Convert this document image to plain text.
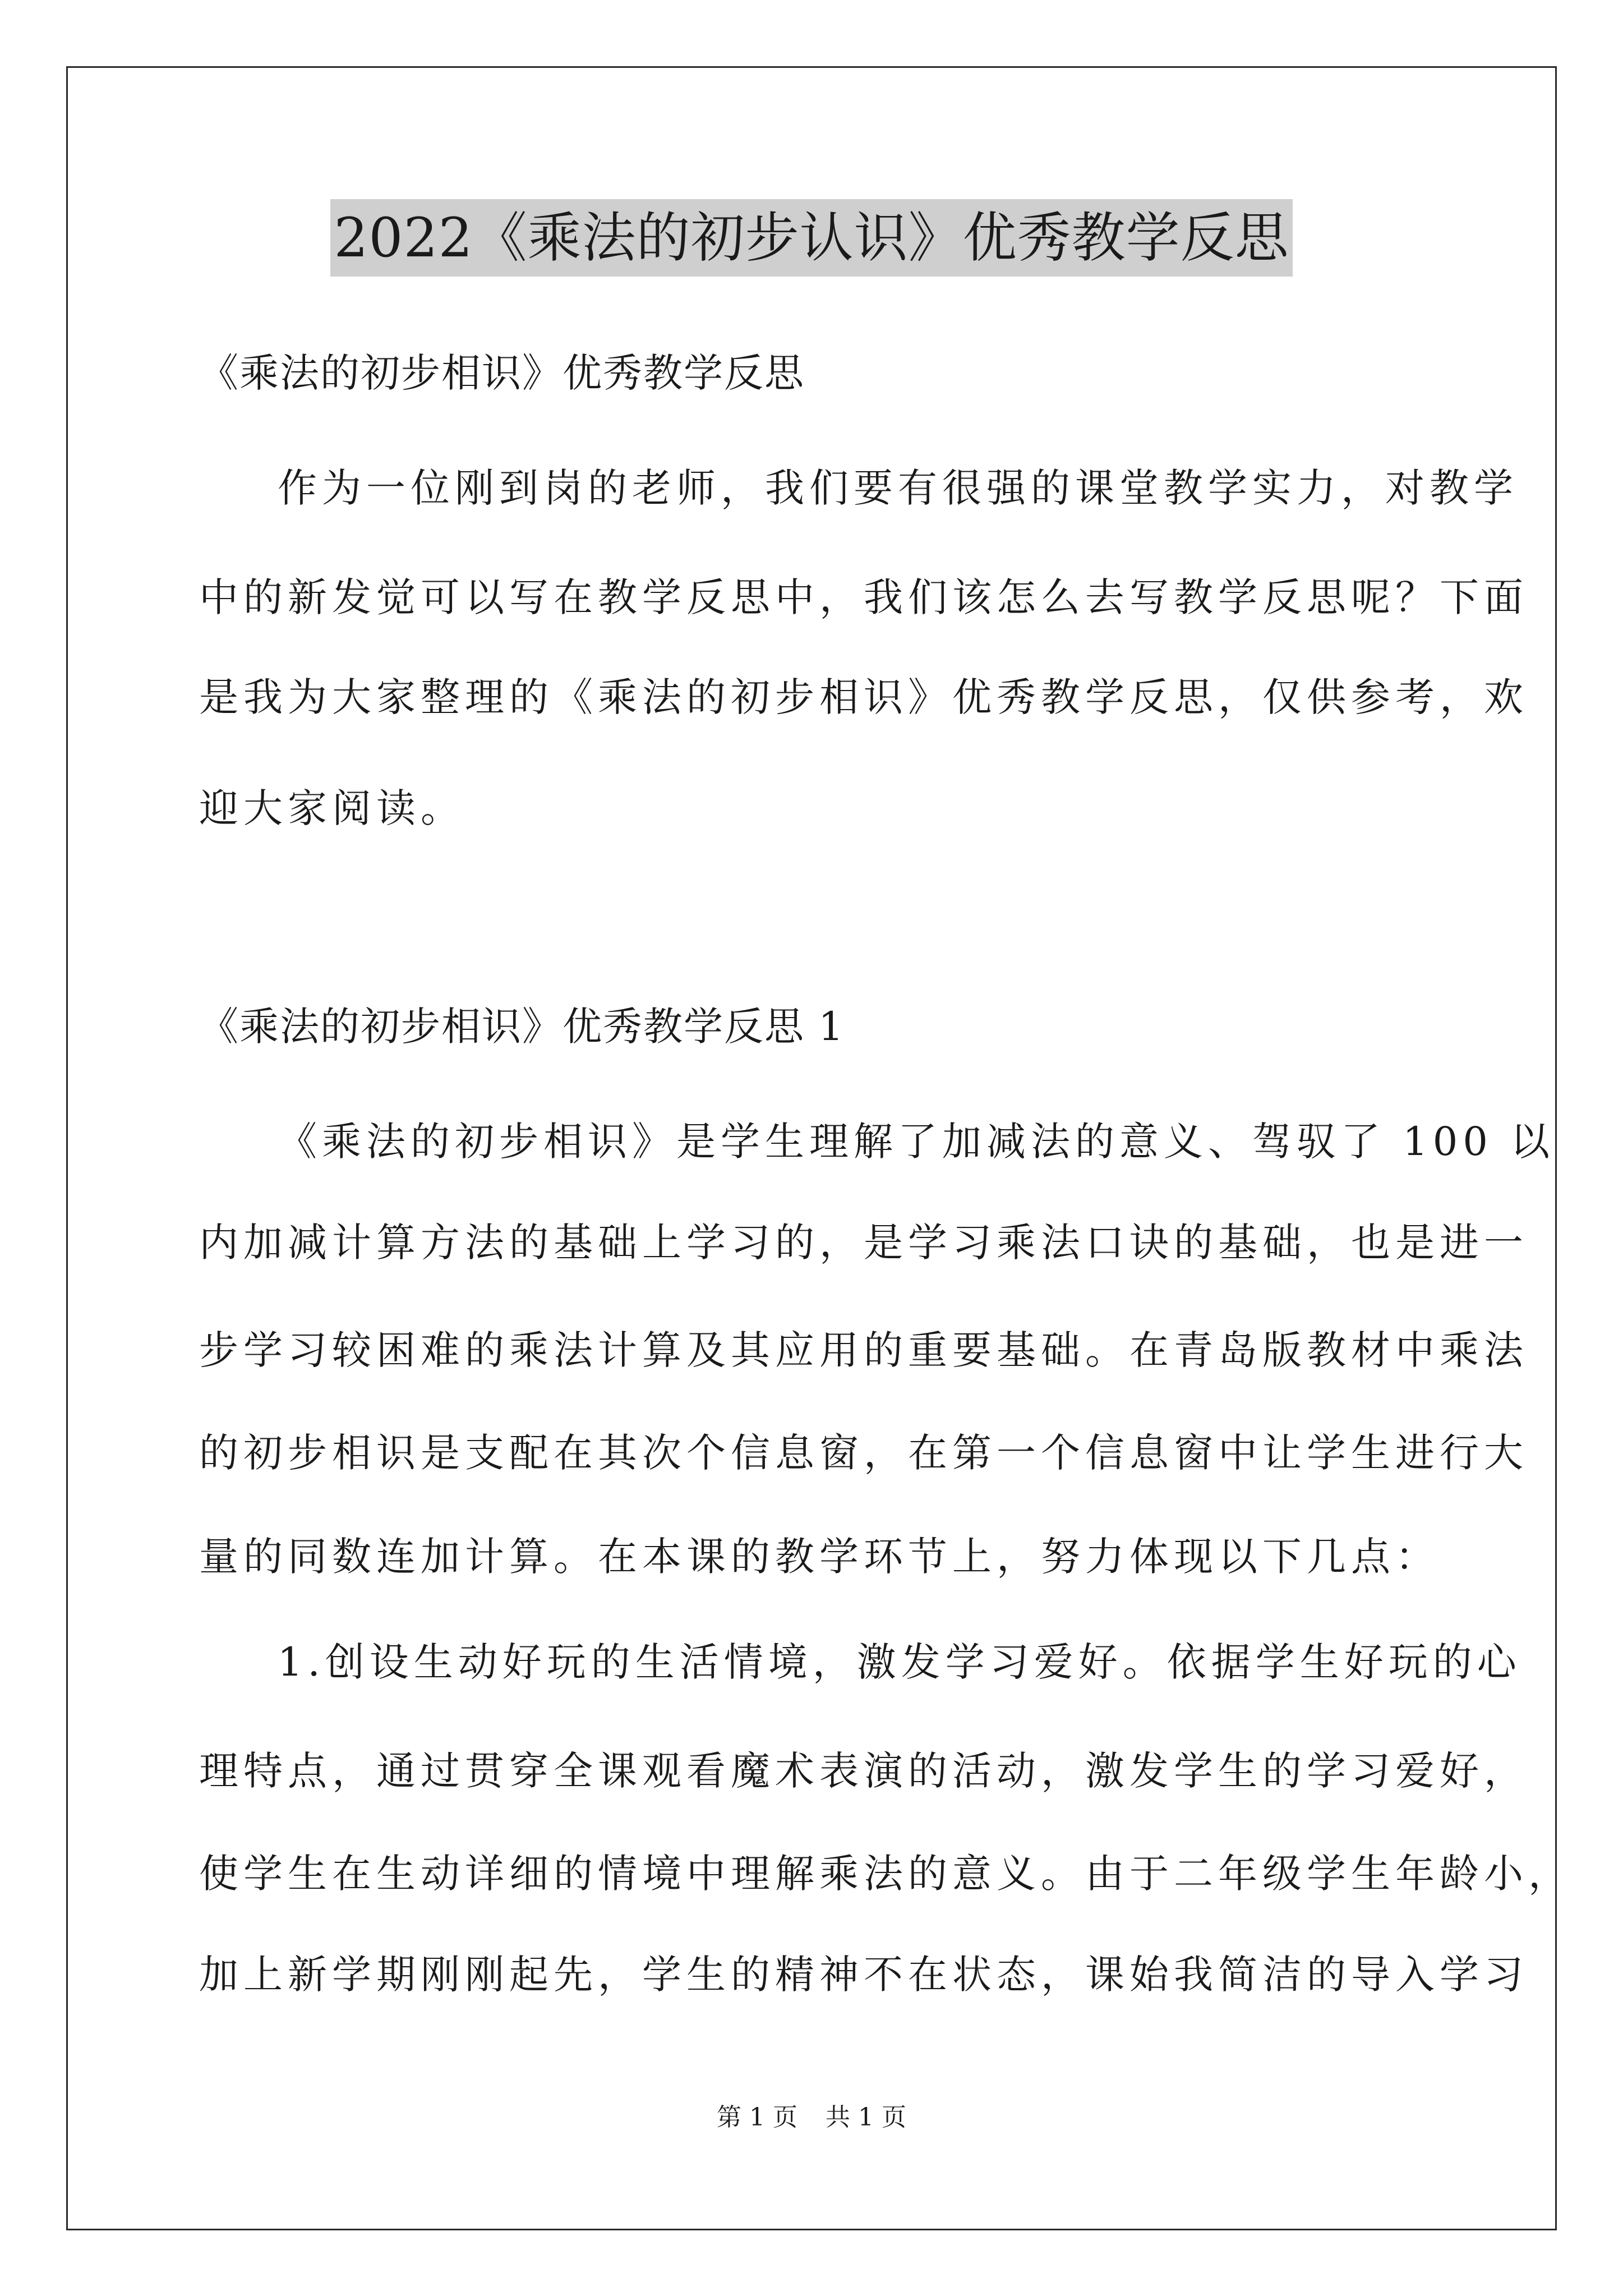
2022《乘法的初步认识》优秀教学反思
《乘法的初步相识》优秀教学反思
作为一位刚到岗的老师，我们要有很强的课堂教学实力，对教学
中的新发觉可以写在教学反思中，我们该怎么去写教学反思呢？下面
是我为大家整理的《乘法的初步相识》优秀教学反思，仅供参考，欢
迎大家阅读。
《乘法的初步相识》优秀教学反思 1
《乘法的初步相识》是学生理解了加减法的意义、驾驭了 100 以
内加减计算方法的基础上学习的，是学习乘法口诀的基础，也是进一
步学习较困难的乘法计算及其应用的重要基础。在青岛版教材中乘法
的初步相识是支配在其次个信息窗，在第一个信息窗中让学生进行大
量的同数连加计算。在本课的教学环节上，努力体现以下几点：
1.创设生动好玩的生活情境，激发学习爱好。依据学生好玩的心
理特点，通过贯穿全课观看魔术表演的活动，激发学生的学习爱好，
使学生在生动详细的情境中理解乘法的意义。由于二年级学生年龄小，
加上新学期刚刚起先，学生的精神不在状态，课始我简洁的导入学习
第 1 页 共 1 页
